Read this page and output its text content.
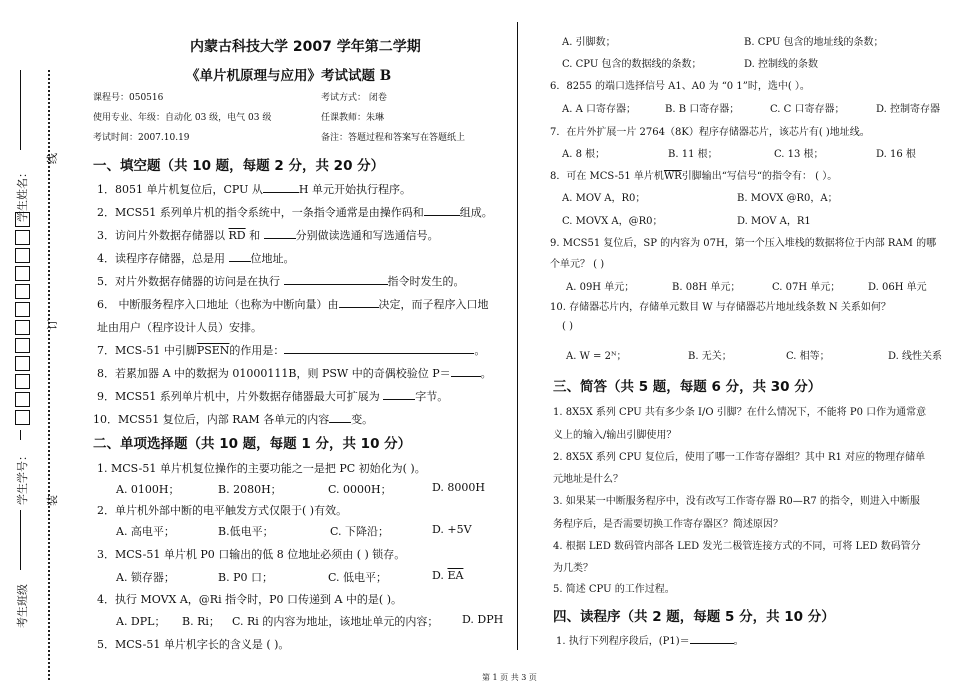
考生班级
学生学号：
学生姓名：
线
订
装
内蒙古科技大学 2007 学年第二学期
《单片机原理与应用》考试试题 B
课程号：050516	考试方式： 闭卷
使用专业、年级：自动化 03 级，电气 03 级	任课教师：朱琳
考试时间：2007.10.19	备注：答题过程和答案写在答题纸上
一、填空题（共 10 题，每题 2 分，共 20 分）
1．8051 单片机复位后，CPU 从	H 单元开始执行程序。
2．MCS51 系列单片机的指令系统中，一条指令通常是由操作码和	组成。
3．访问片外数据存储器以 $\overline{RD}$ 和	分别做读选通和写选通信号。
4．读程序存储器，总是用 位地址。
5．对片外数据存储器的访问是在执行	指令时发生的。
6． 中断服务程序入口地址（也称为中断向量）由	决定，而子程序入口地
址由用户（程序设计人员）安排。
7．MCS-51 中引脚PSEN的作用是：	。
8．若累加器 A 中的数据为 01000111B，则 PSW 中的奇偶校验位 P＝	。
9．MCS51 系列单片机中，片外数据存储器最大可扩展为	字节。
10．MCS51 复位后，内部 RAM 各单元的内容 变。
二、单项选择题（共 10 题，每题 1 分，共 10 分）
1. MCS-51 单片机复位操作的主要功能之一是把 PC 初始化为( )。
A. 0100H；	B. 2080H；	C. 0000H；	D. 8000H
2．单片机外部中断的电平触发方式仅限于( )有效。
A. 高电平；	B.低电平；	C. 下降沿；	D. +5V
3．MCS-51 单片机 P0 口输出的低 8 位地址必须由 ( ) 锁存。
A. 锁存器；	B. P0 口；	C. 低电平；	D. $\overline{EA}$
4．执行 MOVX A，@Ri 指令时，P0 口传递到 A 中的是( )。
A. DPL； B. Ri； C. Ri 的内容为地址，该地址单元的内容； D. DPH
5．MCS-51 单片机字长的含义是 ( )。
A. 引脚数；	B. CPU 包含的地址线的条数；
C. CPU 包含的数据线的条数；	D. 控制线的条数
6．8255 的端口选择信号 A1、A0 为 “0 1”时，选中( ）。
A. A 口寄存器；	B. B 口寄存器；	C. C 口寄存器；	D. 控制寄存器
7．在片外扩展一片 2764（8K）程序存储器芯片，该芯片有( )地址线。
A. 8 根；	B. 11 根；	C. 13 根；	D. 16 根
8．可在 MCS-51 单片机$\overline{WR}$引脚输出“写信号“的指令有： ( ）。
A. MOV A，R0；	B. MOVX @R0，A；
C. MOVX A，@R0；	D. MOV A，R1
9. MCS51 复位后，SP 的内容为 07H，第一个压入堆栈的数据将位于内部 RAM 的哪
个单元？ ( )
A. 09H 单元；	B. 08H 单元；	C. 07H 单元；	D. 06H 单元
10. 存储器芯片内，存储单元数目 W 与存储器芯片地址线条数 N 关系如何？
( )
A. W = 2ᴺ；	B. 无关；	C. 相等；	D. 线性关系
三、简答（共 5 题，每题 6 分，共 30 分）
1. 8X5X 系列 CPU 共有多少条 I/O 引脚？在什么情况下，不能将 P0 口作为通常意
义上的输入/输出引脚使用？
2. 8X5X 系列 CPU 复位后，使用了哪一工作寄存器组？其中 R1 对应的物理存储单
元地址是什么？
3. 如果某一中断服务程序中，没有改写工作寄存器 R0—R7 的指令，则进入中断服
务程序后，是否需要切换工作寄存器区？简述原因？
4. 根据 LED 数码管内部各 LED 发光二极管连接方式的不同，可将 LED 数码管分
为几类？
5. 简述 CPU 的工作过程。
四、读程序（共 2 题，每题 5 分，共 10 分）
1. 执行下列程序段后，(P1)＝	。
第 1 页 共 3 页
